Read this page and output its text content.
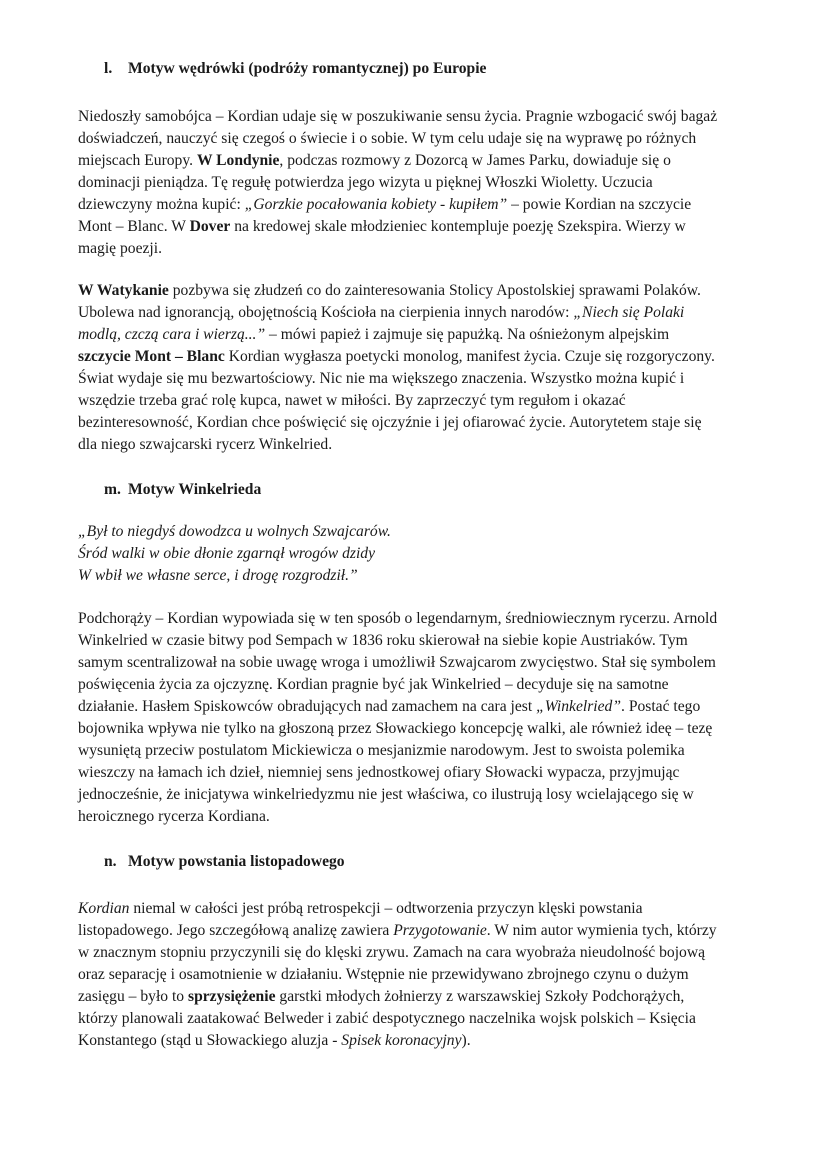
l. Motyw wędrówki (podróży romantycznej) po Europie
Niedoszły samobójca – Kordian udaje się w poszukiwanie sensu życia. Pragnie wzbogacić swój bagaż
doświadczeń, nauczyć się czegoś o świecie i o sobie. W tym celu udaje się na wyprawę po różnych
miejscach Europy. W Londynie, podczas rozmowy z Dozorcą w James Parku, dowiaduje się o
dominacji pieniądza. Tę regułę potwierdza jego wizyta u pięknej Włoszki Wioletty. Uczucia
dziewczyny można kupić: „Gorzkie pocałowania kobiety - kupiłem” – powie Kordian na szczycie
Mont – Blanc. W Dover na kredowej skale młodzieniec kontempluje poezję Szekspira. Wierzy w
magię poezji.
W Watykanie pozbywa się złudzeń co do zainteresowania Stolicy Apostolskiej sprawami Polaków.
Ubolewa nad ignorancją, obojętnością Kościoła na cierpienia innych narodów: „Niech się Polaki
modlą, czczą cara i wierzą...” – mówi papież i zajmuje się papużką. Na ośnieżonym alpejskim
szczycie Mont – Blanc Kordian wygłasza poetycki monolog, manifest życia. Czuje się rozgoryczony.
Świat wydaje się mu bezwartościowy. Nic nie ma większego znaczenia. Wszystko można kupić i
wszędzie trzeba grać rolę kupca, nawet w miłości. By zaprzeczyć tym regułom i okazać
bezinteresowność, Kordian chce poświęcić się ojczyźnie i jej ofiarować życie. Autorytetem staje się
dla niego szwajcarski rycerz Winkelried.
m. Motyw Winkelrieda
„Był to niegdyś dowodzca u wolnych Szwajcarów.
Śród walki w obie dłonie zgarnął wrogów dzidy
W wbił we własne serce, i drogę rozgrodził.”
Podchorąży – Kordian wypowiada się w ten sposób o legendarnym, średniowiecznym rycerzu. Arnold
Winkelried w czasie bitwy pod Sempach w 1836 roku skierował na siebie kopie Austriaków. Tym
samym scentralizował na sobie uwagę wroga i umożliwił Szwajcarom zwycięstwo. Stał się symbolem
poświęcenia życia za ojczyznę. Kordian pragnie być jak Winkelried – decyduje się na samotne
działanie. Hasłem Spiskowców obradujących nad zamachem na cara jest „Winkelried”. Postać tego
bojownika wpływa nie tylko na głoszoną przez Słowackiego koncepcję walki, ale również ideę – tezę
wysuniętą przeciw postulatom Mickiewicza o mesjanizmie narodowym. Jest to swoista polemika
wieszczy na łamach ich dzieł, niemniej sens jednostkowej ofiary Słowacki wypacza, przyjmując
jednocześnie, że inicjatywa winkelriedyzmu nie jest właściwa, co ilustrują losy wcielającego się w
heroicznego rycerza Kordiana.
n. Motyw powstania listopadowego
Kordian niemal w całości jest próbą retrospekcji – odtworzenia przyczyn klęski powstania
listopadowego. Jego szczegółową analizę zawiera Przygotowanie. W nim autor wymienia tych, którzy
w znacznym stopniu przyczynili się do klęski zrywu. Zamach na cara wyobraża nieudolność bojową
oraz separację i osamotnienie w działaniu. Wstępnie nie przewidywano zbrojnego czynu o dużym
zasięgu – było to sprzysiężenie garstki młodych żołnierzy z warszawskiej Szkoły Podchorążych,
którzy planowali zaatakować Belweder i zabić despotycznego naczelnika wojsk polskich – Księcia
Konstantego (stąd u Słowackiego aluzja - Spisek koronacyjny).
